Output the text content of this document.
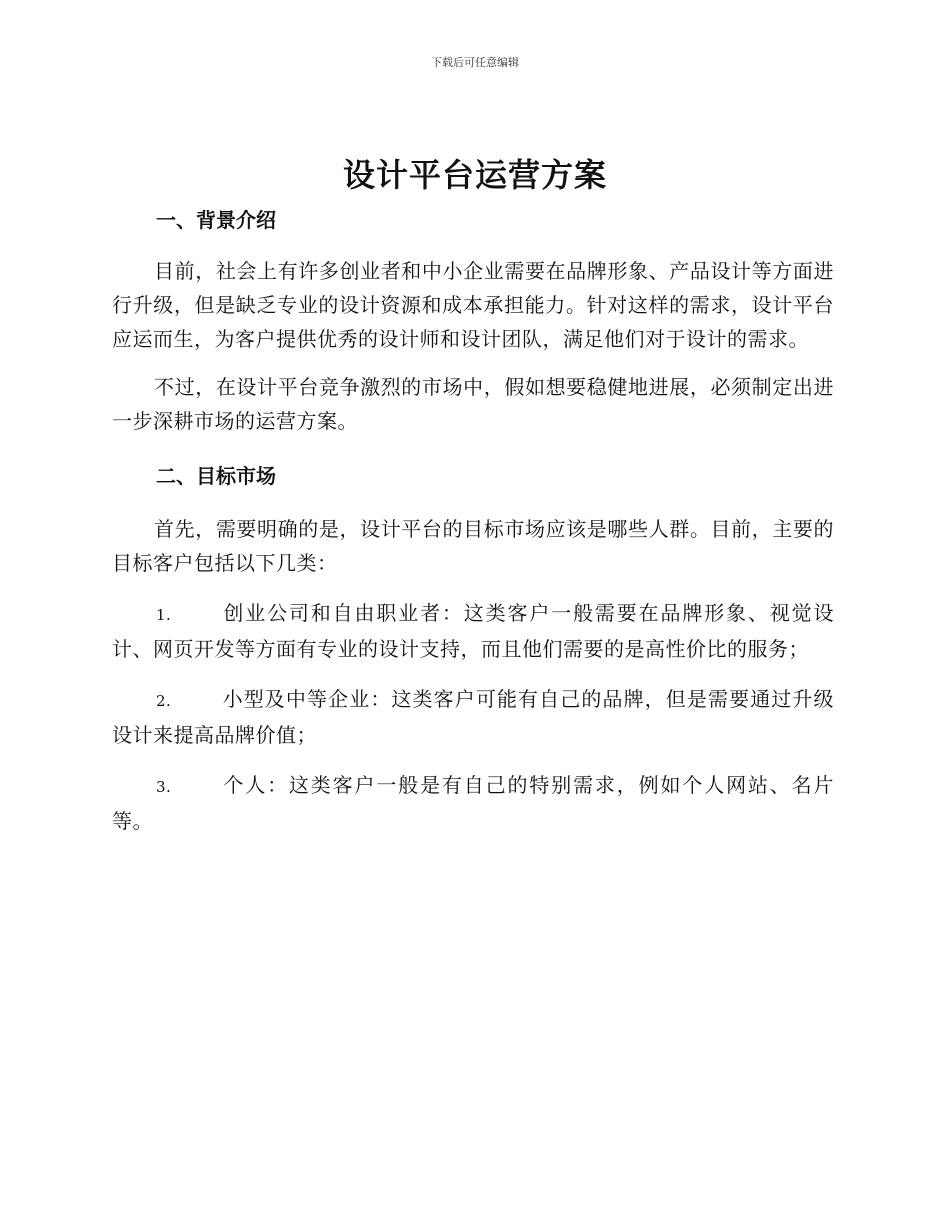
下载后可任意编辑
设计平台运营方案
一、背景介绍

目前，社会上有许多创业者和中小企业需要在品牌形象、产品设计等方面进行升级，但是缺乏专业的设计资源和成本承担能力。针对这样的需求，设计平台应运而生，为客户提供优秀的设计师和设计团队，满足他们对于设计的需求。

不过，在设计平台竞争激烈的市场中，假如想要稳健地进展，必须制定出进一步深耕市场的运营方案。

二、目标市场

首先，需要明确的是，设计平台的目标市场应该是哪些人群。目前，主要的目标客户包括以下几类：

1.	创业公司和自由职业者：这类客户一般需要在品牌形象、视觉设计、网页开发等方面有专业的设计支持，而且他们需要的是高性价比的服务；

2.	小型及中等企业：这类客户可能有自己的品牌，但是需要通过升级设计来提高品牌价值；

3.	个人：这类客户一般是有自己的特别需求，例如个人网站、名片等。
